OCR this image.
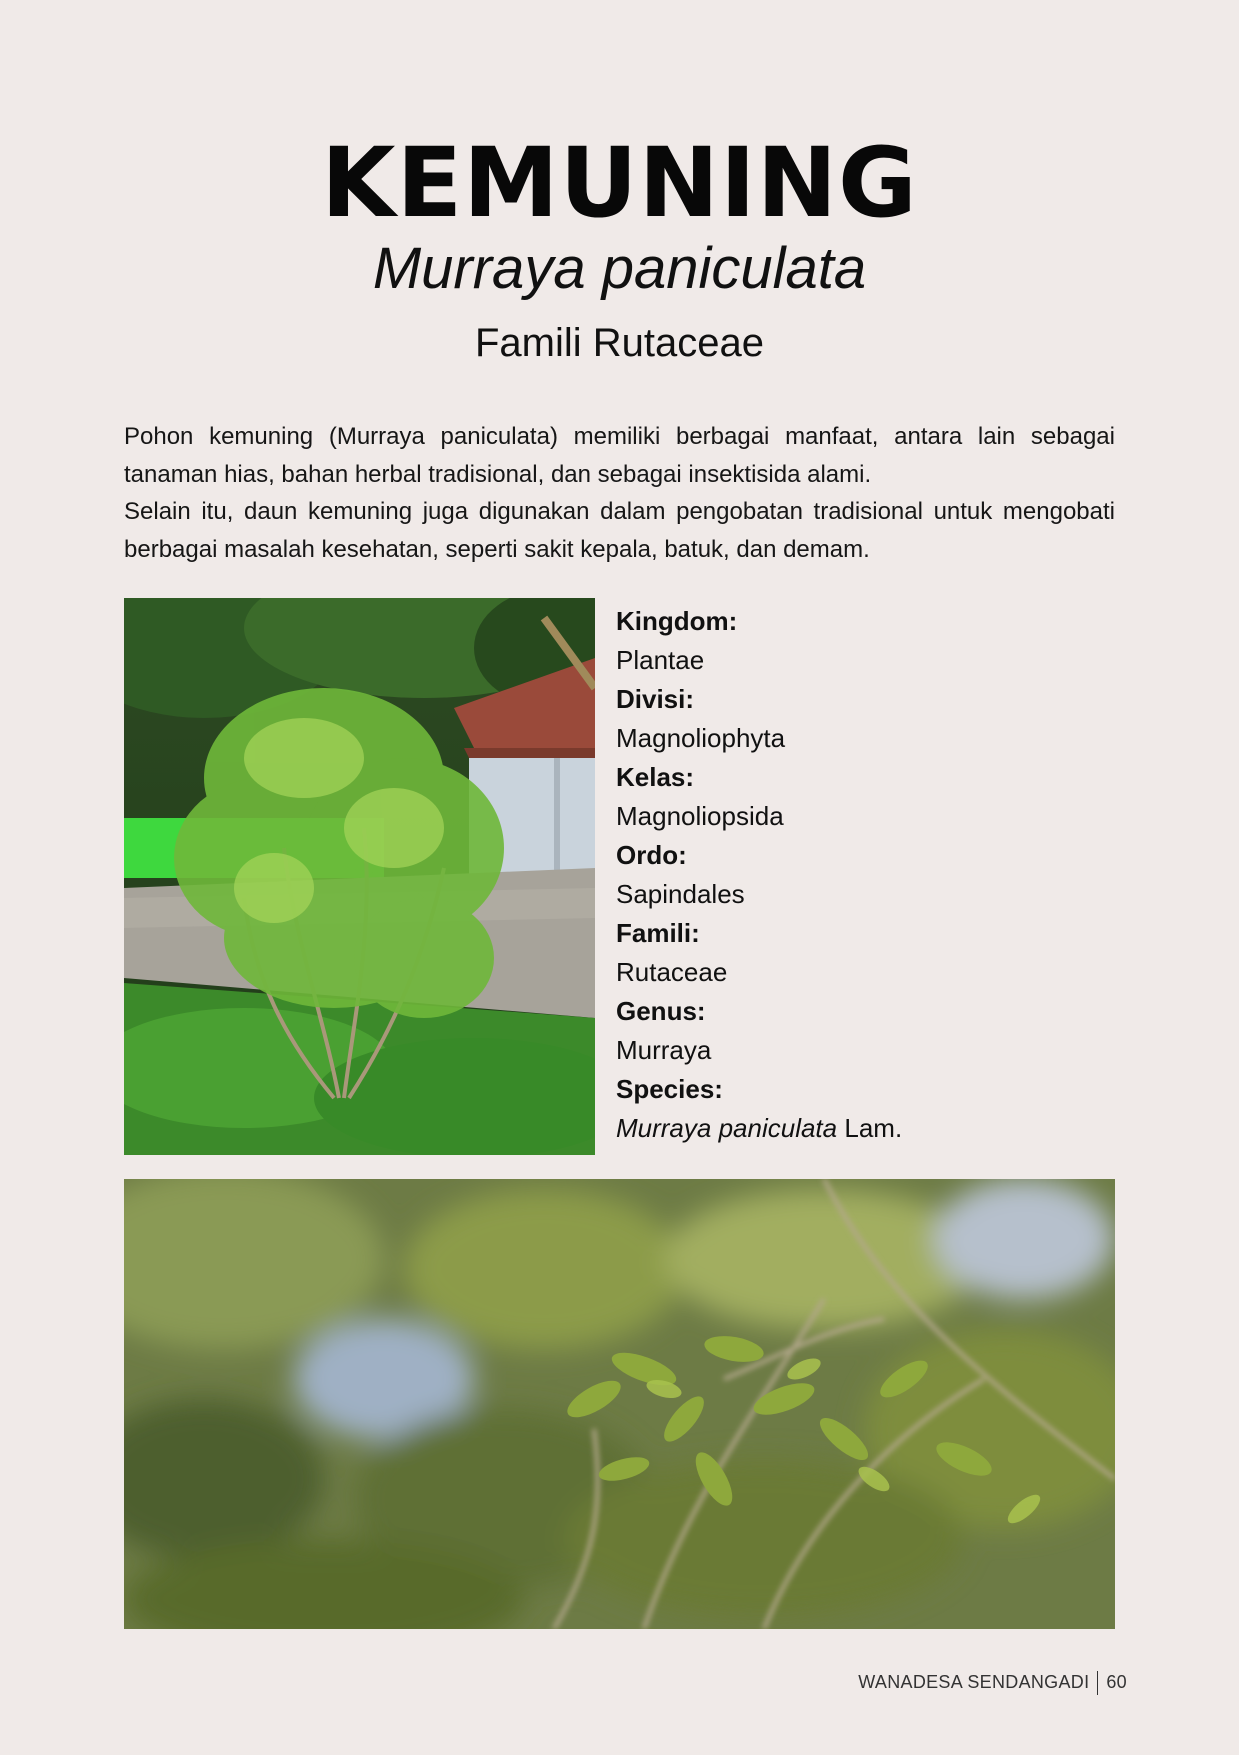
KEMUNING
Murraya paniculata
Famili Rutaceae

Pohon kemuning (Murraya paniculata) memiliki berbagai manfaat, antara lain sebagai tanaman hias, bahan herbal tradisional, dan sebagai insektisida alami.

Selain itu, daun kemuning juga digunakan dalam pengobatan tradisional untuk mengobati berbagai masalah kesehatan, seperti sakit kepala, batuk, dan demam.

Kingdom:
Plantae
Divisi:
Magnoliophyta
Kelas:
Magnoliopsida
Ordo:
Sapindales
Famili:
Rutaceae
Genus:
Murraya
Species:
Murraya paniculata Lam.
WANADESA SENDANGADI 60
